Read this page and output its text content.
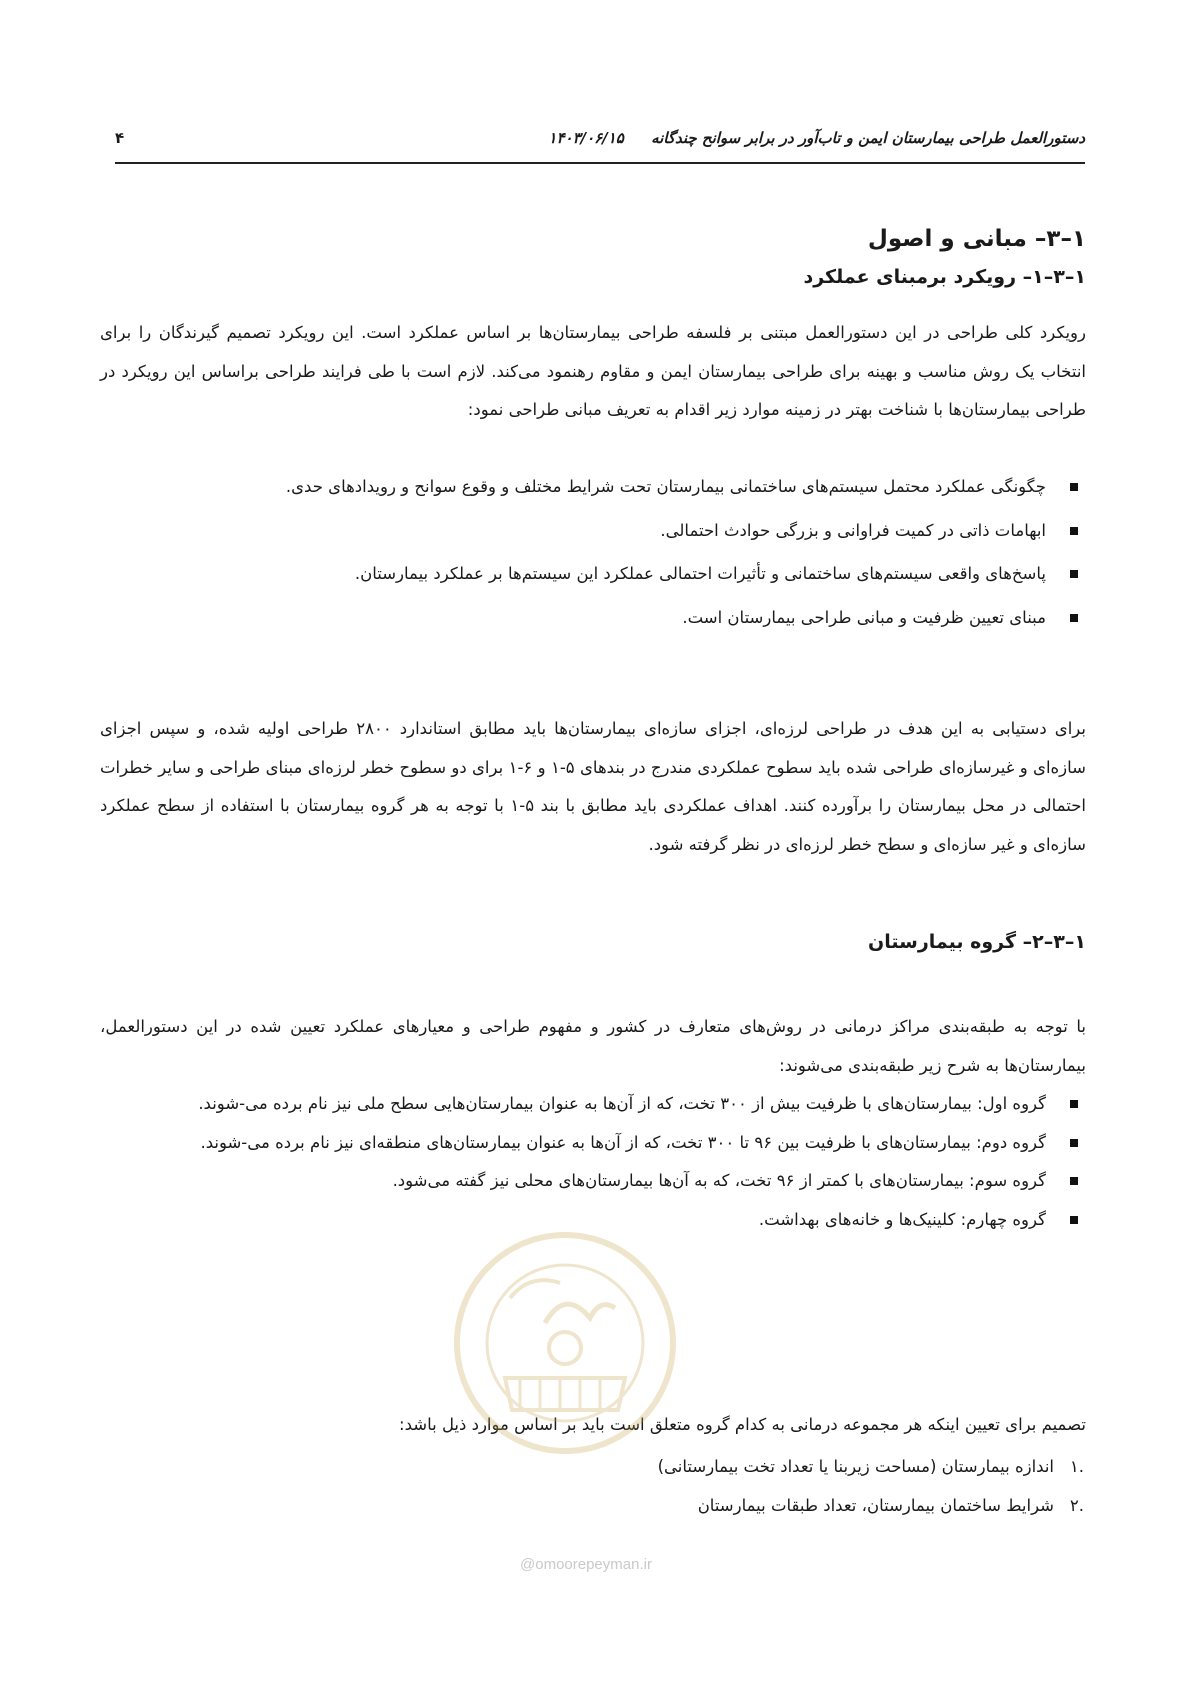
دستورالعمل طراحی بیمارستان ایمن و تاب‌آور در برابر سوانح چندگانه ۱۴۰۳/۰۶/۱۵
۴
۱–۳– مبانی و اصول
۱–۳–۱– رویکرد برمبنای عملکرد

رویکرد کلی طراحی در این دستورالعمل مبتنی بر فلسفه طراحی بیمارستان‌ها بر اساس عملکرد است. این رویکرد تصمیم گیرندگان را برای انتخاب یک روش مناسب و بهینه برای طراحی بیمارستان ایمن و مقاوم رهنمود می‌کند. لازم است با طی فرایند طراحی براساس این رویکرد در طراحی بیمارستان‌ها با شناخت بهتر در زمینه موارد زیر اقدام به تعریف مبانی طراحی نمود:

چگونگی عملکرد محتمل سیستم‌های ساختمانی بیمارستان تحت شرایط مختلف و وقوع سوانح و رویدادهای حدی.
ابهامات ذاتی در کمیت فراوانی و بزرگی حوادث احتمالی.
پاسخ‌های واقعی سیستم‌های ساختمانی و تأثیرات احتمالی عملکرد این سیستم‌ها بر عملکرد بیمارستان.
مبنای تعیین ظرفیت و مبانی طراحی بیمارستان است.

برای دستیابی به این هدف در طراحی لرزه‌ای، اجزای سازه‌ای بیمارستان‌ها باید مطابق استاندارد ۲۸۰۰ طراحی اولیه شده، و سپس اجزای سازه‌ای و غیرسازه‌ای طراحی شده باید سطوح عملکردی مندرج در بندهای ۵-۱ و ۶-۱ برای دو سطوح خطر لرزه‌ای مبنای طراحی و سایر خطرات احتمالی در محل بیمارستان را برآورده کنند. اهداف عملکردی باید مطابق با بند ۵-۱ با توجه به هر گروه بیمارستان با استفاده از سطح عملکرد سازه‌ای و غیر سازه‌ای و سطح خطر لرزه‌ای در نظر گرفته شود.

۱–۳–۲– گروه بیمارستان

با توجه به طبقه‌بندی مراکز درمانی در روش‌های متعارف در کشور و مفهوم طراحی و معیارهای عملکرد تعیین شده در این دستورالعمل، بیمارستان‌ها به شرح زیر طبقه‌بندی می‌شوند:

گروه اول: بیمارستان‌های با ظرفیت بیش از ۳۰۰ تخت، که از آن‌ها به عنوان بیمارستان‌هایی سطح ملی نیز نام برده می-شوند.
گروه دوم: بیمارستان‌های با ظرفیت بین ۹۶ تا ۳۰۰ تخت، که از آن‌ها به عنوان بیمارستان‌های منطقه‌ای نیز نام برده می-شوند.
گروه سوم: بیمارستان‌های با کمتر از ۹۶ تخت، که به آن‌ها بیمارستان‌های محلی نیز گفته می‌شود.
گروه چهارم: کلینیک‌ها و خانه‌های بهداشت.

تصمیم برای تعیین اینکه هر مجموعه درمانی به کدام گروه متعلق است باید بر اساس موارد ذیل باشد:

.۱
اندازه بیمارستان (مساحت زیربنا یا تعداد تخت بیمارستانی)
.۲
شرایط ساختمان بیمارستان، تعداد طبقات بیمارستان
@omoorepeyman.ir
